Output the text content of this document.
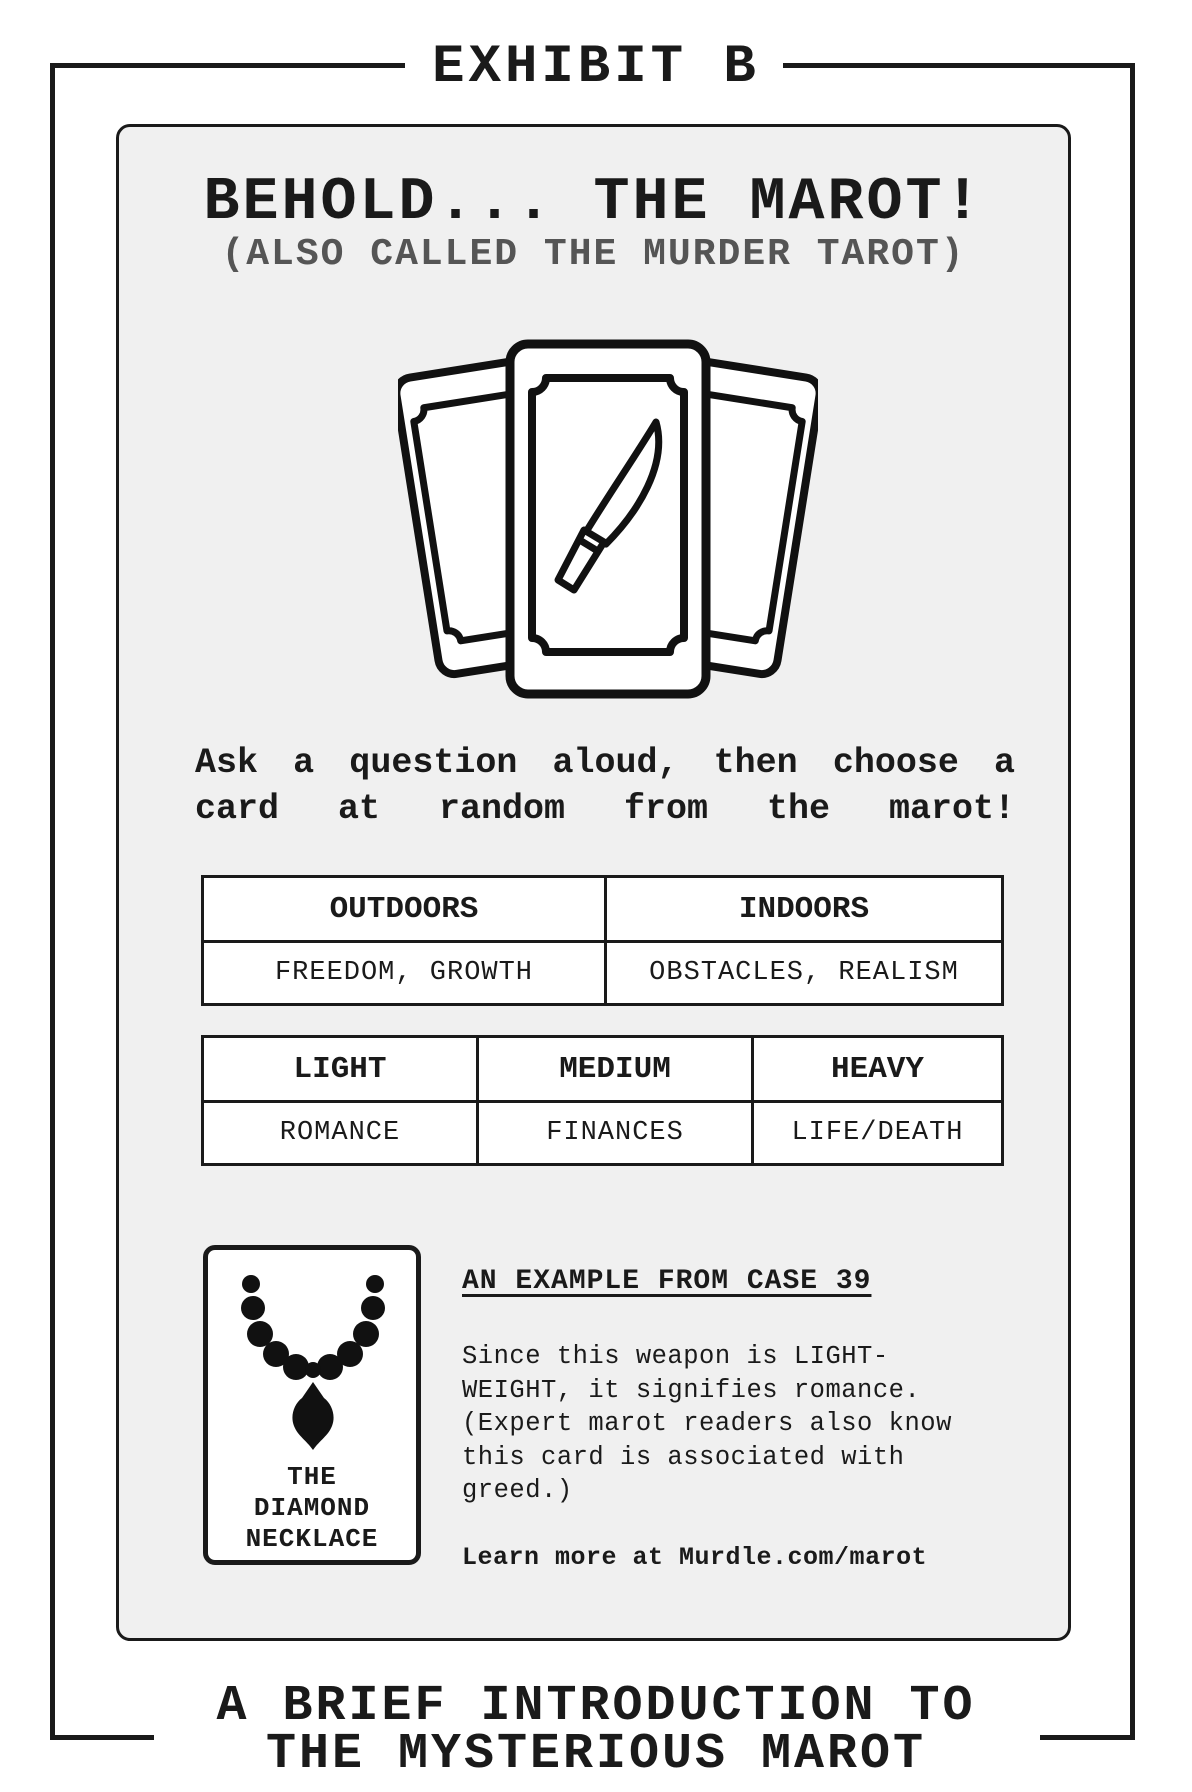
EXHIBIT B
BEHOLD... THE MAROT!
(ALSO CALLED THE MURDER TAROT)
Ask a question aloud, then choose a card at random from the marot!
OUTDOORS	INDOORS
FREEDOM, GROWTH	OBSTACLES, REALISM
LIGHT	MEDIUM	HEAVY
ROMANCE	FINANCES	LIFE/DEATH
THE
DIAMOND
NECKLACE
AN EXAMPLE FROM CASE 39
Since this weapon is LIGHT-
WEIGHT, it signifies romance.
(Expert marot readers also know
this card is associated with
greed.)
Learn more at Murdle.com/marot
A BRIEF INTRODUCTION TO
THE MYSTERIOUS MAROT
